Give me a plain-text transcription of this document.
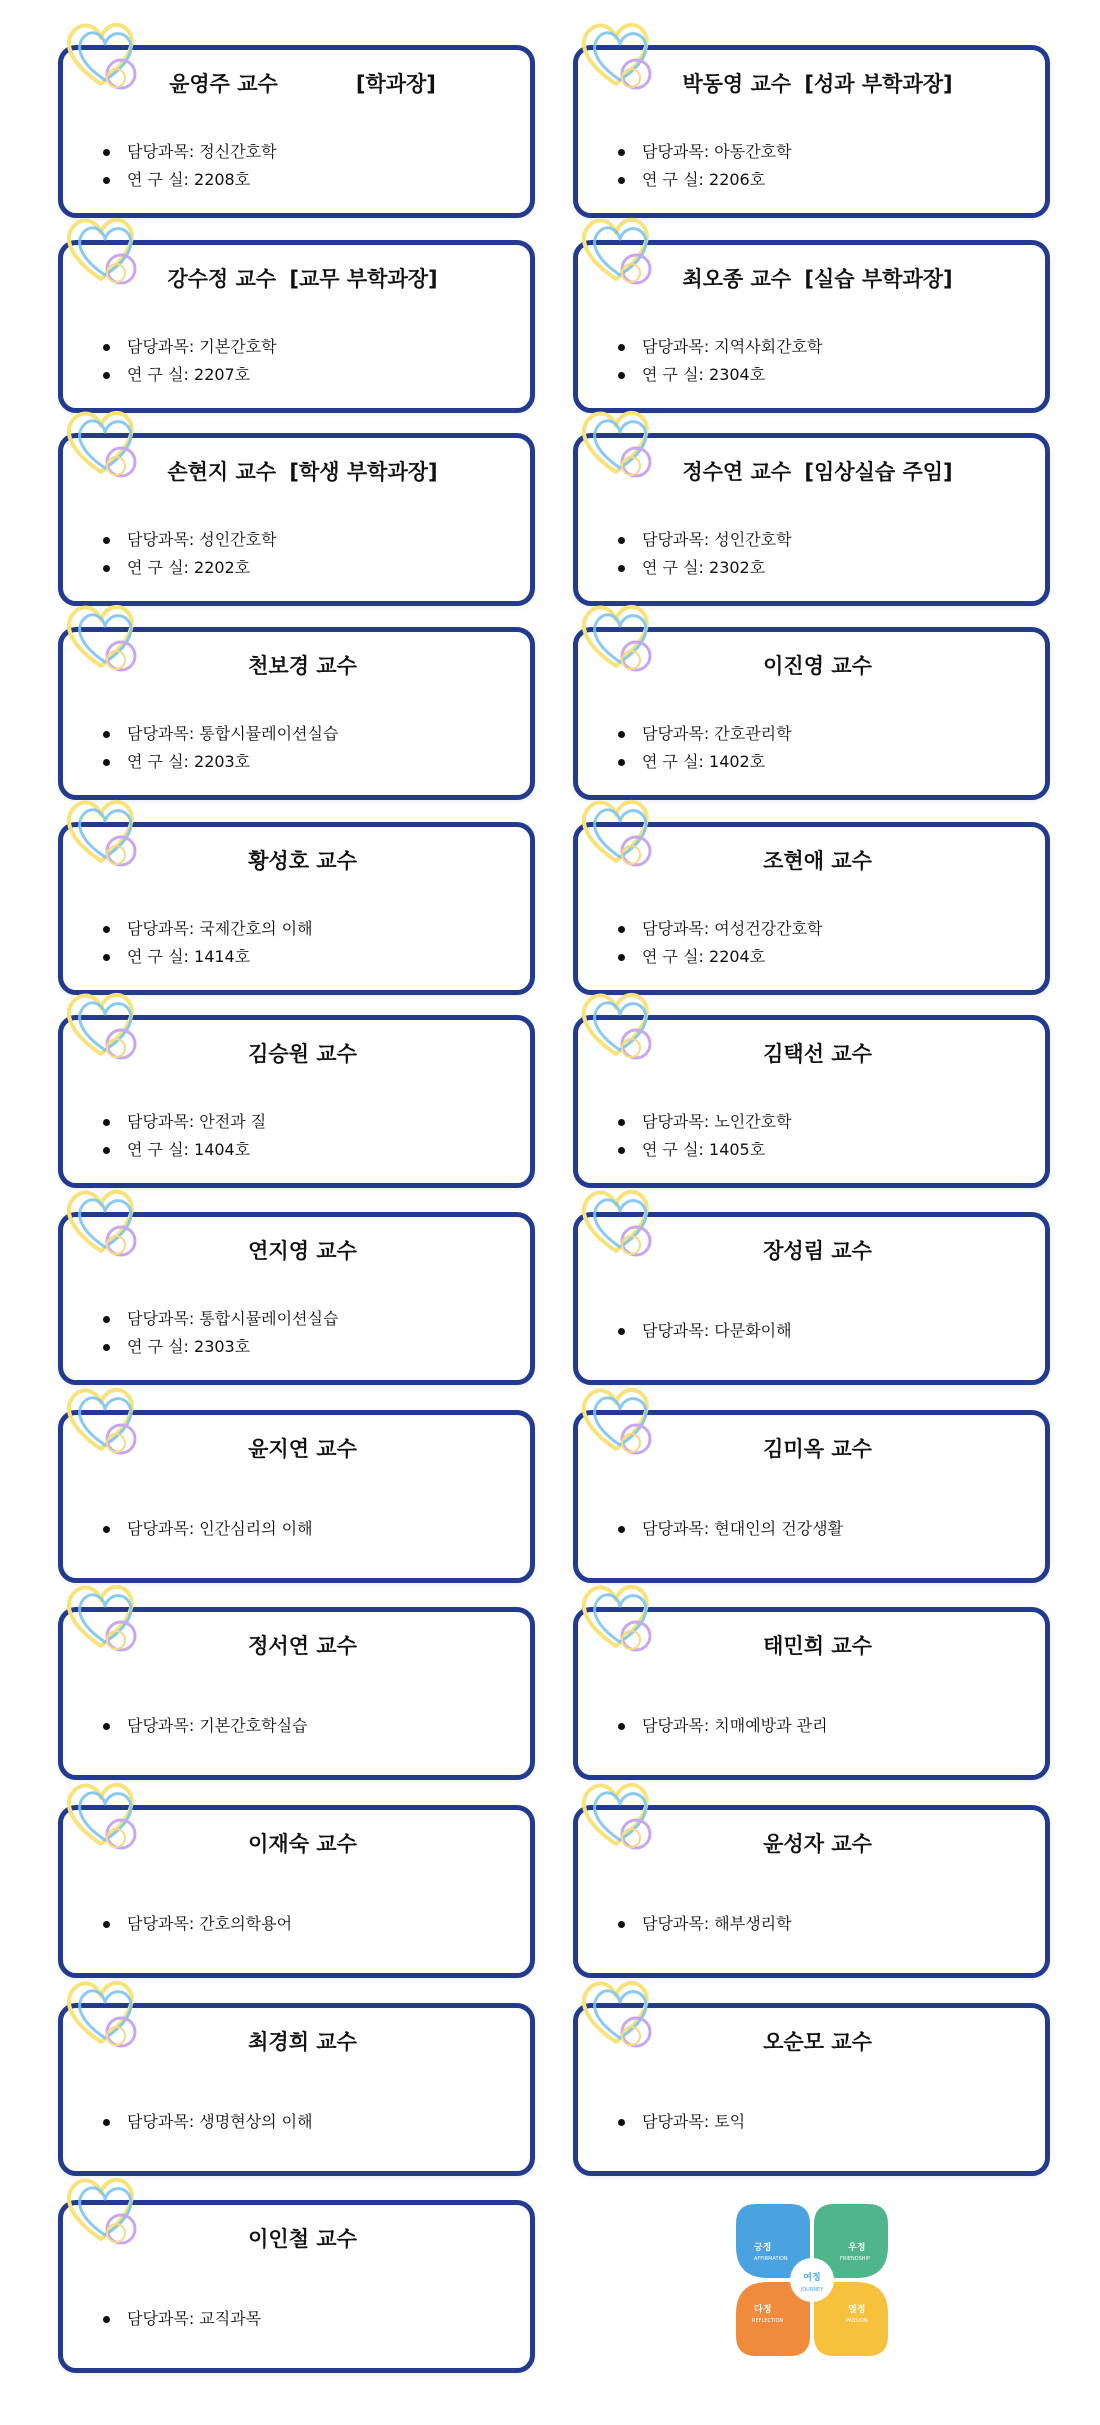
윤영주 교수	[학과장]
담당과목: 정신간호학
연 구 실: 2208호
박동영 교수 [성과 부학과장]
담당과목: 아동간호학
연 구 실: 2206호
강수정 교수 [교무 부학과장]
담당과목: 기본간호학
연 구 실: 2207호
최오종 교수 [실습 부학과장]
담당과목: 지역사회간호학
연 구 실: 2304호
손현지 교수 [학생 부학과장]
담당과목: 성인간호학
연 구 실: 2202호
정수연 교수 [임상실습 주임]
담당과목: 성인간호학
연 구 실: 2302호
천보경 교수
담당과목: 통합시뮬레이션실습
연 구 실: 2203호
이진영 교수
담당과목: 간호관리학
연 구 실: 1402호
황성호 교수
담당과목: 국제간호의 이해
연 구 실: 1414호
조현애 교수
담당과목: 여성건강간호학
연 구 실: 2204호
김승원 교수
담당과목: 안전과 질
연 구 실: 1404호
김택선 교수
담당과목: 노인간호학
연 구 실: 1405호
연지영 교수
담당과목: 통합시뮬레이션실습
연 구 실: 2303호
장성림 교수
담당과목: 다문화이해
윤지연 교수
담당과목: 인간심리의 이해
김미옥 교수
담당과목: 현대인의 건강생활
정서연 교수
담당과목: 기본간호학실습
태민희 교수
담당과목: 치매예방과 관리
이재숙 교수
담당과목: 간호의학용어
윤성자 교수
담당과목: 해부생리학
최경희 교수
담당과목: 생명현상의 이해
오순모 교수
담당과목: 토익
이인철 교수
담당과목: 교직과목
여정
JOURNEY
긍정
AFFIRMATION
우정
FRIENDSHIP
다정
REFLECTION
열정
PASSION
